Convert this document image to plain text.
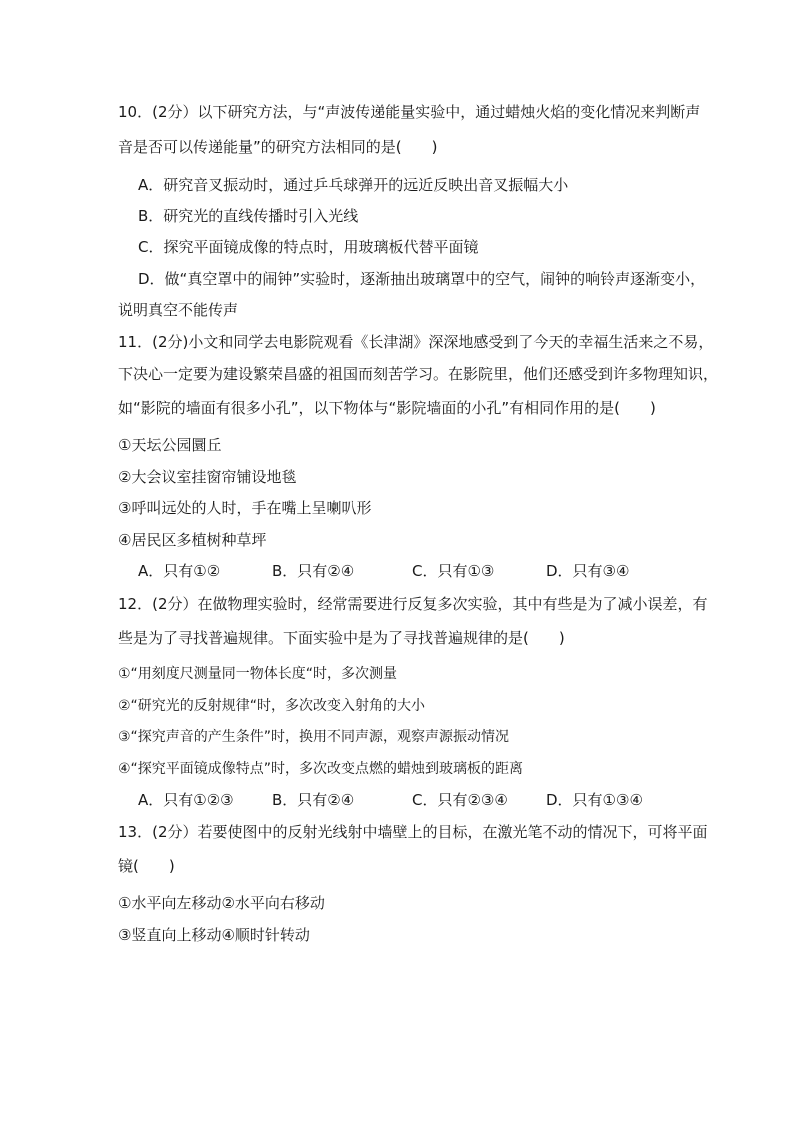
10．(2分）以下研究方法，与“声波传递能量实验中，通过蜡烛火焰的变化情况来判断声
音是否可以传递能量”的研究方法相同的是(　　)
A．研究音叉振动时，通过乒乓球弹开的远近反映出音叉振幅大小
B．研究光的直线传播时引入光线
C．探究平面镜成像的特点时，用玻璃板代替平面镜
D．做“真空罩中的闹钟”实验时，逐渐抽出玻璃罩中的空气，闹钟的响铃声逐渐变小，
说明真空不能传声
11．(2分)小文和同学去电影院观看《长津湖》深深地感受到了今天的幸福生活来之不易，
下决心一定要为建设繁荣昌盛的祖国而刻苦学习。在影院里，他们还感受到许多物理知识，
如“影院的墙面有很多小孔”，以下物体与“影院墙面的小孔”有相同作用的是(　　)
①天坛公园圜丘
②大会议室挂窗帘铺设地毯
③呼叫远处的人时，手在嘴上呈喇叭形
④居民区多植树种草坪
A．只有①②	B．只有②④	C．只有①③	D．只有③④
12．(2分）在做物理实验时，经常需要进行反复多次实验，其中有些是为了减小误差，有
些是为了寻找普遍规律。下面实验中是为了寻找普遍规律的是(　　)
①“用刻度尺测量同一物体长度“时，多次测量
②“研究光的反射规律“时，多次改变入射角的大小
③“探究声音的产生条件”时，换用不同声源，观察声源振动情况
④“探究平面镜成像特点”时，多次改变点燃的蜡烛到玻璃板的距离
A．只有①②③	B．只有②④	C．只有②③④	D．只有①③④
13．(2分）若要使图中的反射光线射中墙壁上的目标，在激光笔不动的情况下，可将平面
镜(　　)
①水平向左移动②水平向右移动
③竖直向上移动④顺时针转动
